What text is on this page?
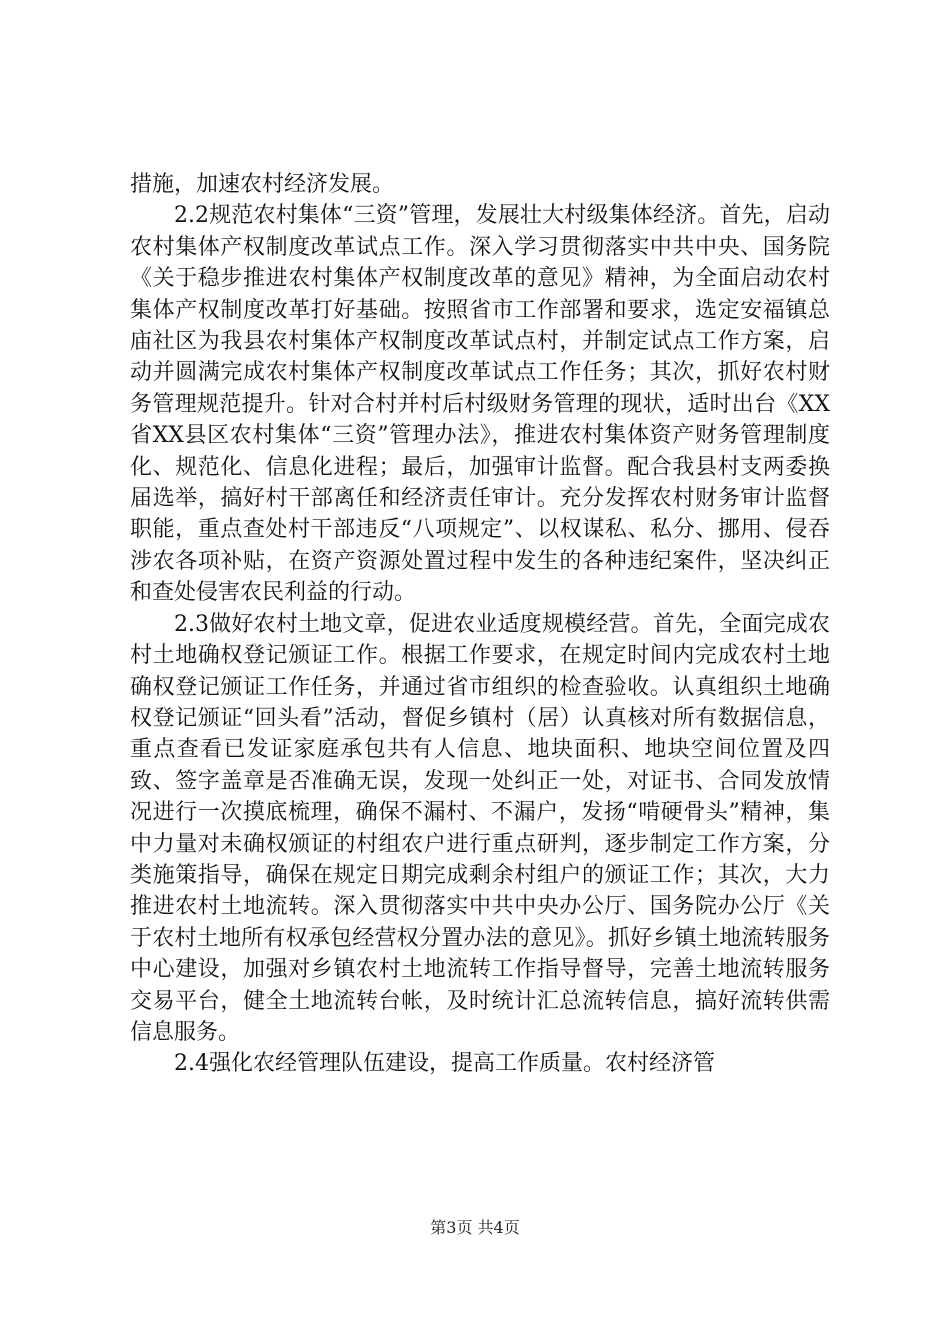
措施，加速农村经济发展。

2.2规范农村集体“三资”管理，发展壮大村级集体经济。首先，启动农村集体产权制度改革试点工作。深入学习贯彻落实中共中央、国务院《关于稳步推进农村集体产权制度改革的意见》精神，为全面启动农村集体产权制度改革打好基础。按照省市工作部署和要求，选定安福镇总庙社区为我县农村集体产权制度改革试点村，并制定试点工作方案，启动并圆满完成农村集体产权制度改革试点工作任务；其次，抓好农村财务管理规范提升。针对合村并村后村级财务管理的现状，适时出台《XX省XX县区农村集体“三资”管理办法》，推进农村集体资产财务管理制度化、规范化、信息化进程；最后，加强审计监督。配合我县村支两委换届选举，搞好村干部离任和经济责任审计。充分发挥农村财务审计监督职能，重点查处村干部违反“八项规定”、以权谋私、私分、挪用、侵吞涉农各项补贴，在资产资源处置过程中发生的各种违纪案件，坚决纠正和查处侵害农民利益的行动。

2.3做好农村土地文章，促进农业适度规模经营。首先，全面完成农村土地确权登记颁证工作。根据工作要求，在规定时间内完成农村土地确权登记颁证工作任务，并通过省市组织的检查验收。认真组织土地确权登记颁证“回头看”活动，督促乡镇村（居）认真核对所有数据信息，重点查看已发证家庭承包共有人信息、地块面积、地块空间位置及四致、签字盖章是否准确无误，发现一处纠正一处，对证书、合同发放情况进行一次摸底梳理，确保不漏村、不漏户，发扬“啃硬骨头”精神，集中力量对未确权颁证的村组农户进行重点研判，逐步制定工作方案，分类施策指导，确保在规定日期完成剩余村组户的颁证工作；其次，大力推进农村土地流转。深入贯彻落实中共中央办公厅、国务院办公厅《关于农村土地所有权承包经营权分置办法的意见》。抓好乡镇土地流转服务中心建设，加强对乡镇农村土地流转工作指导督导，完善土地流转服务交易平台，健全土地流转台帐，及时统计汇总流转信息，搞好流转供需信息服务。

2.4强化农经管理队伍建设，提高工作质量。农村经济管

第3页 共4页
